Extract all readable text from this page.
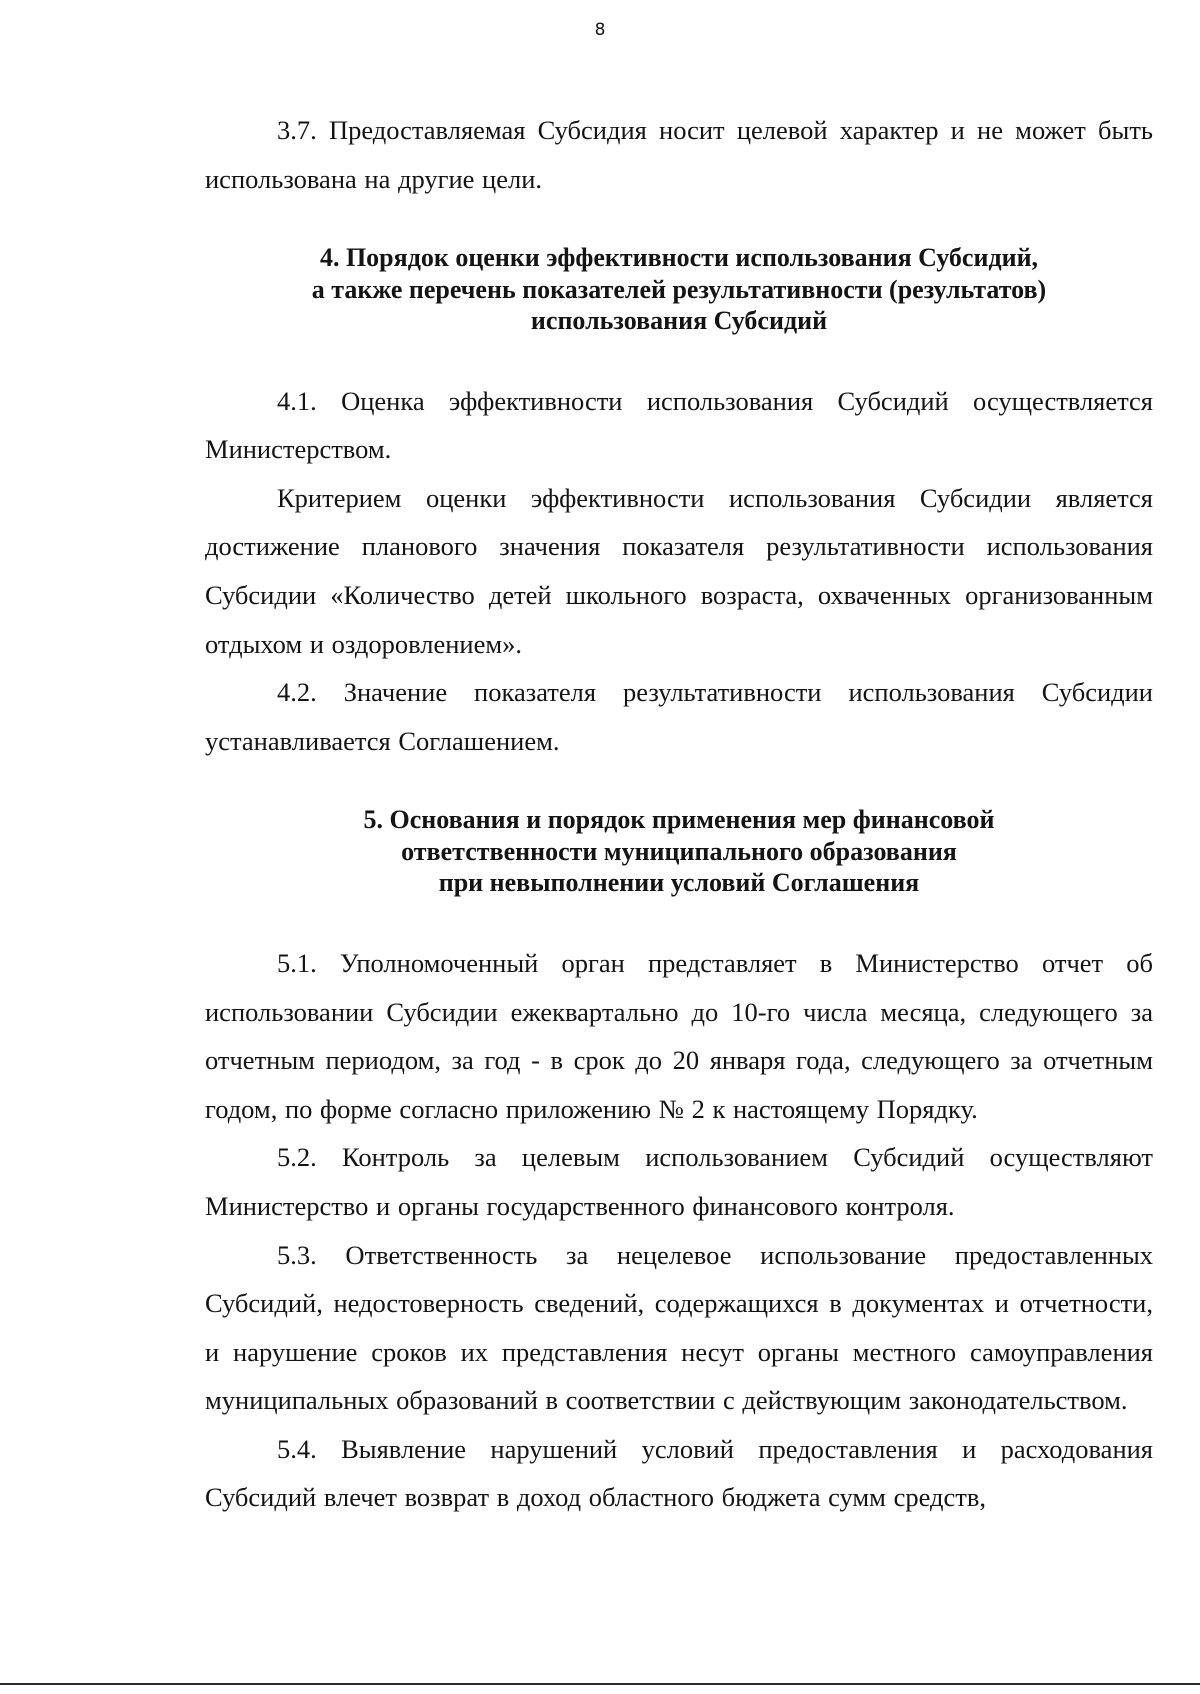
8

3.7. Предоставляемая Субсидия носит целевой характер и не может быть использована на другие цели.

4. Порядок оценки эффективности использования Субсидий,
а также перечень показателей результативности (результатов)
использования Субсидий

4.1. Оценка эффективности использования Субсидий осуществляется Министерством.

Критерием оценки эффективности использования Субсидии является достижение планового значения показателя результативности использования Субсидии «Количество детей школьного возраста, охваченных организованным отдыхом и оздоровлением».

4.2. Значение показателя результативности использования Субсидии устанавливается Соглашением.

5. Основания и порядок применения мер финансовой
ответственности муниципального образования
при невыполнении условий Соглашения

5.1. Уполномоченный орган представляет в Министерство отчет об использовании Субсидии ежеквартально до 10-го числа месяца, следующего за отчетным периодом, за год - в срок до 20 января года, следующего за отчетным годом, по форме согласно приложению № 2 к настоящему Порядку.

5.2. Контроль за целевым использованием Субсидий осуществляют Министерство и органы государственного финансового контроля.

5.3. Ответственность за нецелевое использование предоставленных Субсидий, недостоверность сведений, содержащихся в документах и отчетности, и нарушение сроков их представления несут органы местного самоуправления муниципальных образований в соответствии с действующим законодательством.

5.4. Выявление нарушений условий предоставления и расходования Субсидий влечет возврат в доход областного бюджета сумм средств,
